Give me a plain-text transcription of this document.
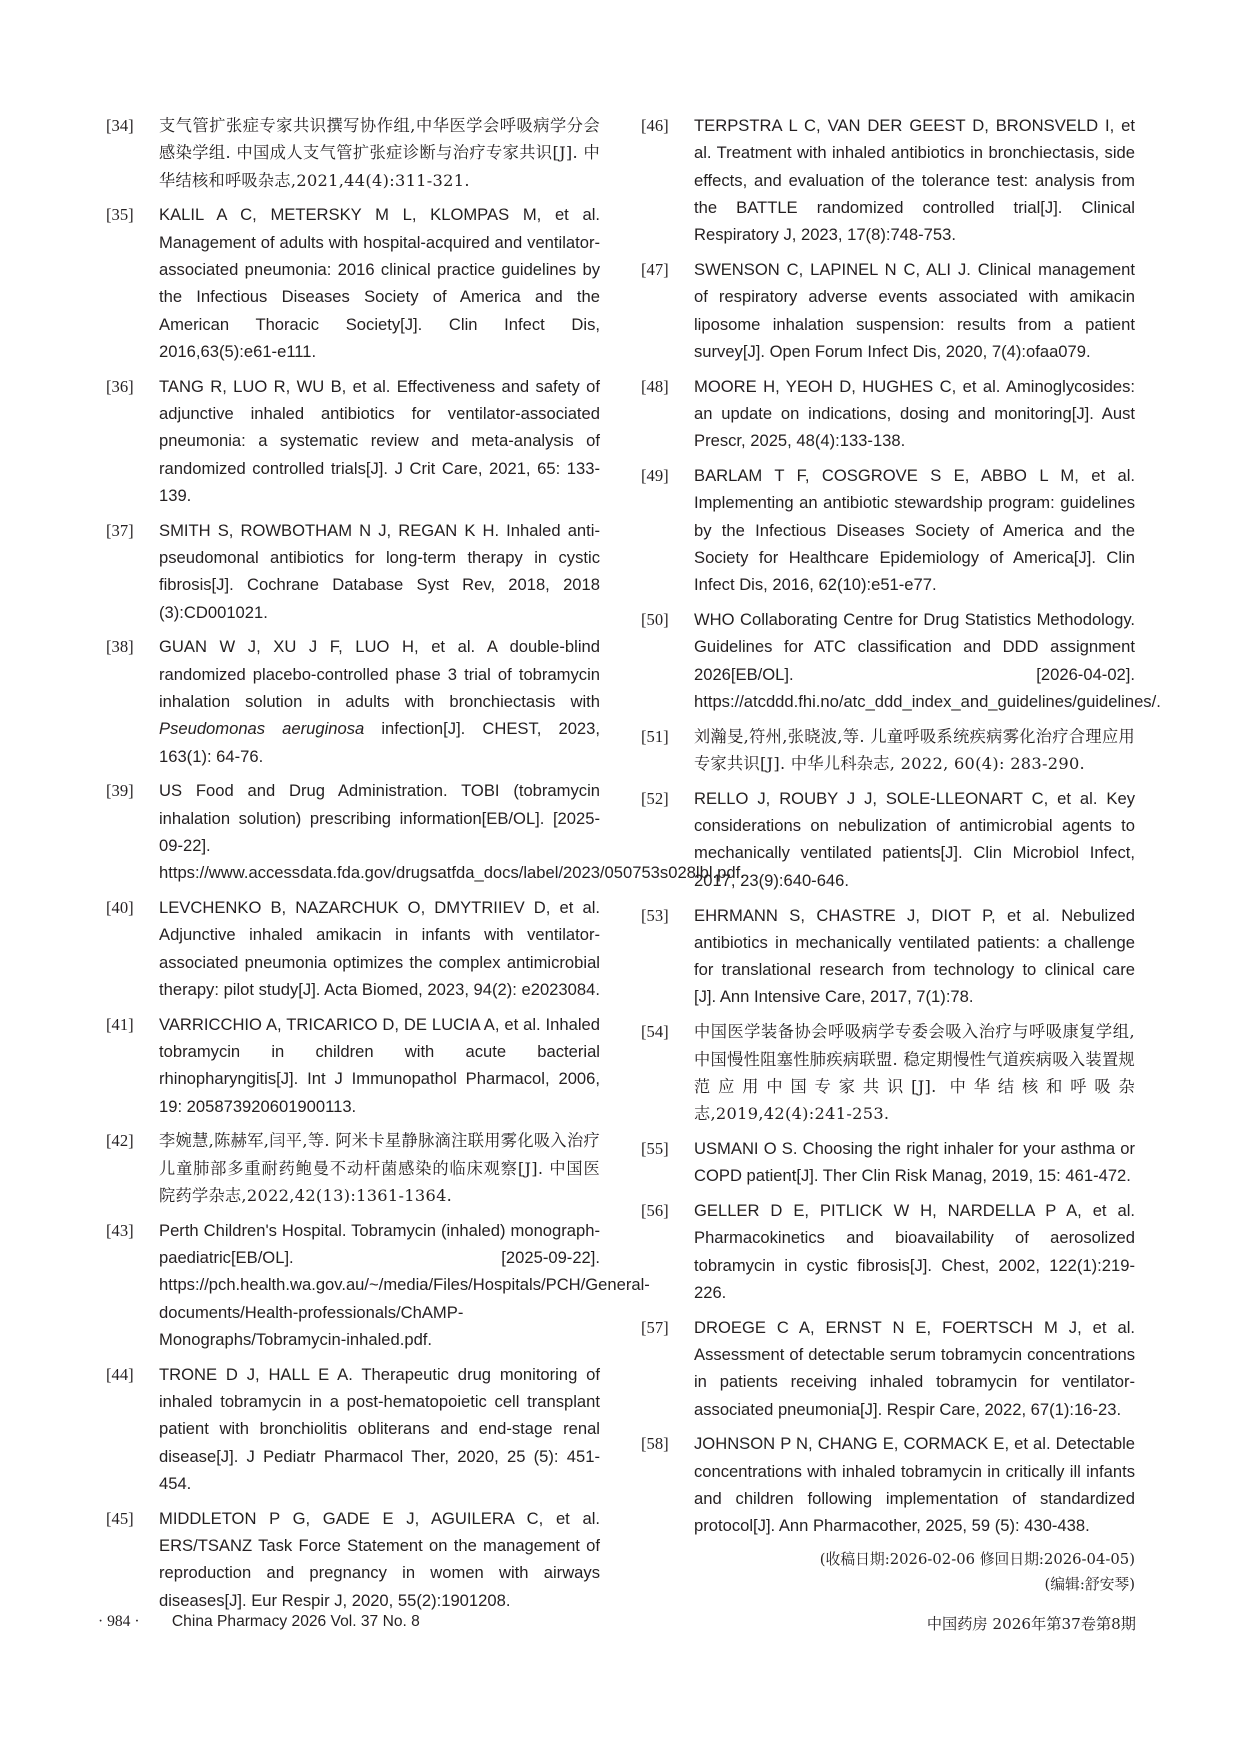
[34] 支气管扩张症专家共识撰写协作组,中华医学会呼吸病学分会感染学组. 中国成人支气管扩张症诊断与治疗专家共识[J]. 中华结核和呼吸杂志,2021,44(4):311-321.
[35] KALIL A C, METERSKY M L, KLOMPAS M, et al. Management of adults with hospital-acquired and ventilator-associated pneumonia: 2016 clinical practice guidelines by the Infectious Diseases Society of America and the American Thoracic Society[J]. Clin Infect Dis, 2016,63(5):e61-e111.
[36] TANG R, LUO R, WU B, et al. Effectiveness and safety of adjunctive inhaled antibiotics for ventilator-associated pneumonia: a systematic review and meta-analysis of randomized controlled trials[J]. J Crit Care, 2021, 65: 133-139.
[37] SMITH S, ROWBOTHAM N J, REGAN K H. Inhaled anti-pseudomonal antibiotics for long-term therapy in cystic fibrosis[J]. Cochrane Database Syst Rev, 2018, 2018 (3):CD001021.
[38] GUAN W J, XU J F, LUO H, et al. A double-blind randomized placebo-controlled phase 3 trial of tobramycin inhalation solution in adults with bronchiectasis with Pseudomonas aeruginosa infection[J]. CHEST, 2023, 163(1): 64-76.
[39] US Food and Drug Administration. TOBI (tobramycin inhalation solution) prescribing information[EB/OL]. [2025-09-22]. https://www.accessdata.fda.gov/drugsatfda_docs/label/2023/050753s028lbl.pdf.
[40] LEVCHENKO B, NAZARCHUK O, DMYTRIIEV D, et al. Adjunctive inhaled amikacin in infants with ventilator-associated pneumonia optimizes the complex antimicrobial therapy: pilot study[J]. Acta Biomed, 2023, 94(2): e2023084.
[41] VARRICCHIO A, TRICARICO D, DE LUCIA A, et al. Inhaled tobramycin in children with acute bacterial rhinopharyngitis[J]. Int J Immunopathol Pharmacol, 2006, 19: 205873920601900113.
[42] 李婉慧,陈赫军,闫平,等. 阿米卡星静脉滴注联用雾化吸入治疗儿童肺部多重耐药鲍曼不动杆菌感染的临床观察[J]. 中国医院药学杂志,2022,42(13):1361-1364.
[43] Perth Children's Hospital. Tobramycin (inhaled) monograph-paediatric[EB/OL]. [2025-09-22]. https://pch.health.wa.gov.au/~/media/Files/Hospitals/PCH/General-documents/Health-professionals/ChAMP-Monographs/Tobramycin-inhaled.pdf.
[44] TRONE D J, HALL E A. Therapeutic drug monitoring of inhaled tobramycin in a post-hematopoietic cell transplant patient with bronchiolitis obliterans and end-stage renal disease[J]. J Pediatr Pharmacol Ther, 2020, 25 (5): 451-454.
[45] MIDDLETON P G, GADE E J, AGUILERA C, et al. ERS/TSANZ Task Force Statement on the management of reproduction and pregnancy in women with airways diseases[J]. Eur Respir J, 2020, 55(2):1901208.
[46] TERPSTRA L C, VAN DER GEEST D, BRONSVELD I, et al. Treatment with inhaled antibiotics in bronchiectasis, side effects, and evaluation of the tolerance test: analysis from the BATTLE randomized controlled trial[J]. Clinical Respiratory J, 2023, 17(8):748-753.
[47] SWENSON C, LAPINEL N C, ALI J. Clinical management of respiratory adverse events associated with amikacin liposome inhalation suspension: results from a patient survey[J]. Open Forum Infect Dis, 2020, 7(4):ofaa079.
[48] MOORE H, YEOH D, HUGHES C, et al. Aminoglycosides: an update on indications, dosing and monitoring[J]. Aust Prescr, 2025, 48(4):133-138.
[49] BARLAM T F, COSGROVE S E, ABBO L M, et al. Implementing an antibiotic stewardship program: guidelines by the Infectious Diseases Society of America and the Society for Healthcare Epidemiology of America[J]. Clin Infect Dis, 2016, 62(10):e51-e77.
[50] WHO Collaborating Centre for Drug Statistics Methodology. Guidelines for ATC classification and DDD assignment 2026[EB/OL]. [2026-04-02]. https://atcddd.fhi.no/atc_ddd_index_and_guidelines/guidelines/.
[51] 刘瀚旻,符州,张晓波,等. 儿童呼吸系统疾病雾化治疗合理应用专家共识[J]. 中华儿科杂志, 2022, 60(4): 283-290.
[52] RELLO J, ROUBY J J, SOLE-LLEONART C, et al. Key considerations on nebulization of antimicrobial agents to mechanically ventilated patients[J]. Clin Microbiol Infect, 2017, 23(9):640-646.
[53] EHRMANN S, CHASTRE J, DIOT P, et al. Nebulized antibiotics in mechanically ventilated patients: a challenge for translational research from technology to clinical care [J]. Ann Intensive Care, 2017, 7(1):78.
[54] 中国医学装备协会呼吸病学专委会吸入治疗与呼吸康复学组,中国慢性阻塞性肺疾病联盟. 稳定期慢性气道疾病吸入装置规范应用中国专家共识[J]. 中华结核和呼吸杂志,2019,42(4):241-253.
[55] USMANI O S. Choosing the right inhaler for your asthma or COPD patient[J]. Ther Clin Risk Manag, 2019, 15: 461-472.
[56] GELLER D E, PITLICK W H, NARDELLA P A, et al. Pharmacokinetics and bioavailability of aerosolized tobramycin in cystic fibrosis[J]. Chest, 2002, 122(1):219-226.
[57] DROEGE C A, ERNST N E, FOERTSCH M J, et al. Assessment of detectable serum tobramycin concentrations in patients receiving inhaled tobramycin for ventilator-associated pneumonia[J]. Respir Care, 2022, 67(1):16-23.
[58] JOHNSON P N, CHANG E, CORMACK E, et al. Detectable concentrations with inhaled tobramycin in critically ill infants and children following implementation of standardized protocol[J]. Ann Pharmacother, 2025, 59 (5): 430-438.
(收稿日期:2026-02-06 修回日期:2026-04-05)
(编辑:舒安琴)
· 984 · China Pharmacy 2026 Vol. 37 No. 8	中国药房 2026年第37卷第8期
